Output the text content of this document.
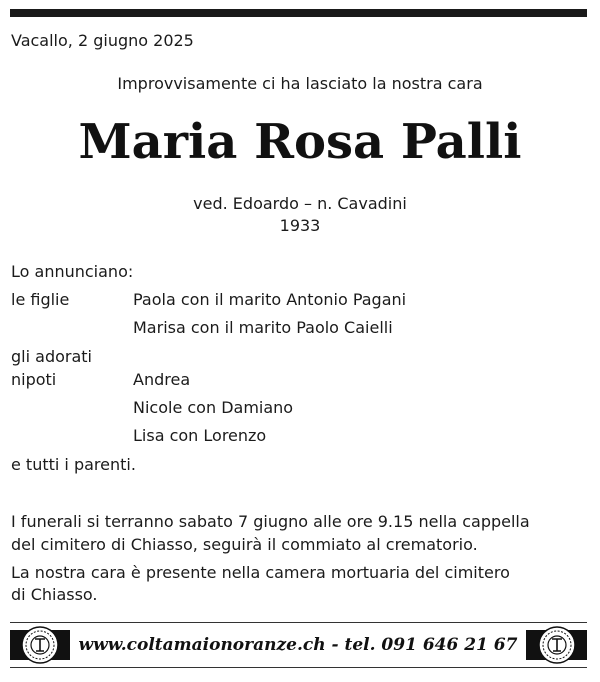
Vacallo, 2 giugno 2025
Improvvisamente ci ha lasciato la nostra cara
Maria Rosa Palli
ved. Edoardo – n. Cavadini
1933
Lo annunciano:
le figlie	Paola con il marito Antonio Pagani
Marisa con il marito Paolo Caielli
gli adorati
nipoti	Andrea
Nicole con Damiano
Lisa con Lorenzo
e tutti i parenti.
I funerali si terranno sabato 7 giugno alle ore 9.15 nella cappella
del cimitero di Chiasso, seguirà il commiato al crematorio.
La nostra cara è presente nella camera mortuaria del cimitero
di Chiasso.
www.coltamaionoranze.ch - tel. 091 646 21 67
